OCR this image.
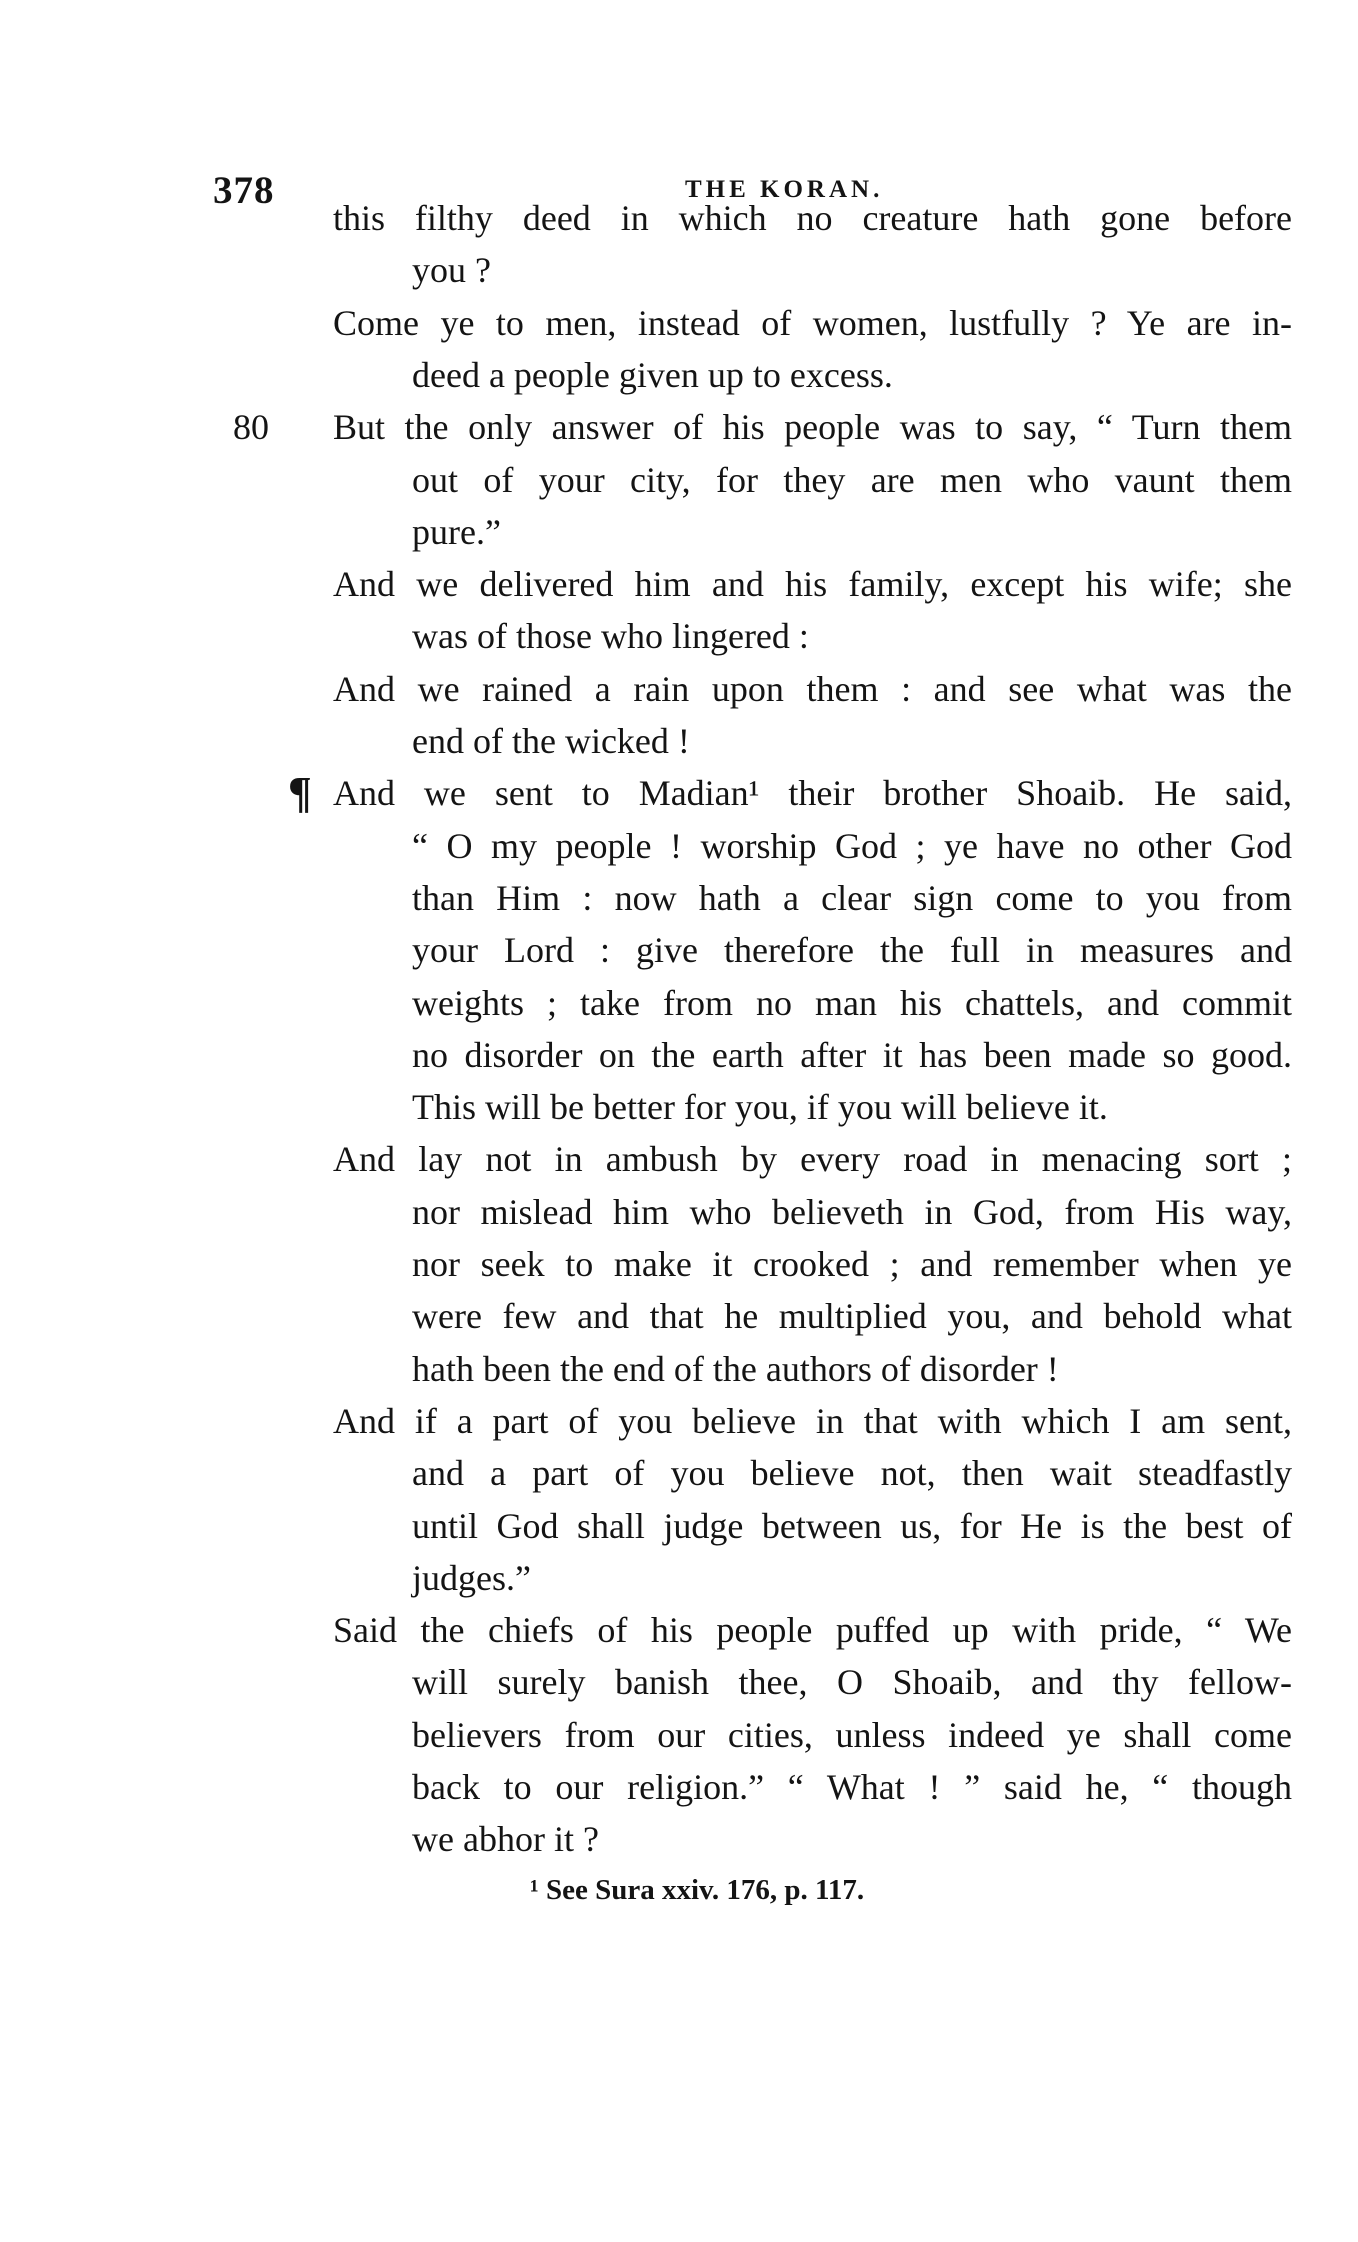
378	THE KORAN.
this filthy deed in which no creature hath gone before
you ?
Come ye to men, instead of women, lustfully ? Ye are in-
deed a people given up to excess.
80 But the only answer of his people was to say, “ Turn them
out of your city, for they are men who vaunt them
pure.”
And we delivered him and his family, except his wife; she
was of those who lingered :
And we rained a rain upon them : and see what was the
end of the wicked !
¶ And we sent to Madian¹ their brother Shoaib. He said,
“ O my people ! worship God ; ye have no other God
than Him : now hath a clear sign come to you from
your Lord : give therefore the full in measures and
weights ; take from no man his chattels, and commit
no disorder on the earth after it has been made so good.
This will be better for you, if you will believe it.
And lay not in ambush by every road in menacing sort ;
nor mislead him who believeth in God, from His way,
nor seek to make it crooked ; and remember when ye
were few and that he multiplied you, and behold what
hath been the end of the authors of disorder !
And if a part of you believe in that with which I am sent,
and a part of you believe not, then wait steadfastly
until God shall judge between us, for He is the best of
judges.”
Said the chiefs of his people puffed up with pride, “ We
will surely banish thee, O Shoaib, and thy fellow-
believers from our cities, unless indeed ye shall come
back to our religion.” “ What ! ” said he, “ though
we abhor it ?
¹ See Sura xxiv. 176, p. 117.
